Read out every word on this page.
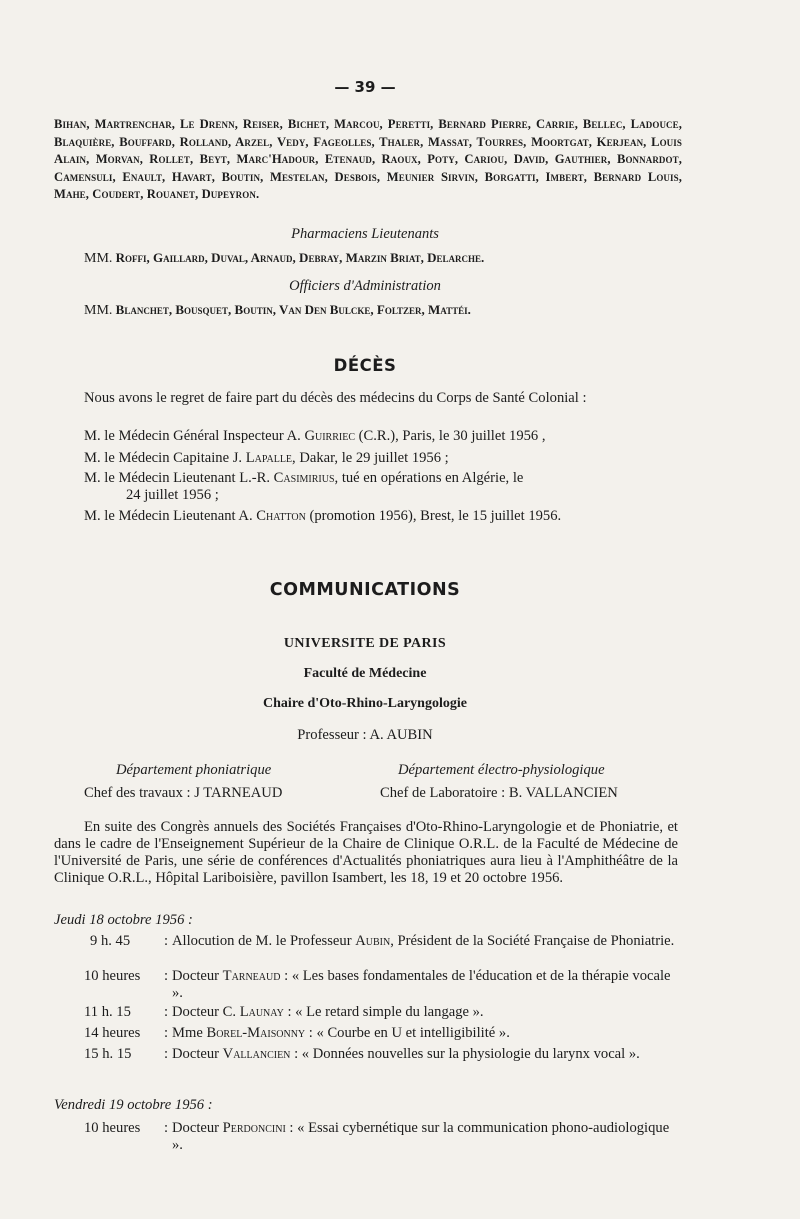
— 39 —
Bihan, Martrenchar, Le Drenn, Reiser, Bichet, Marcou, Peretti, Bernard Pierre, Carrie, Bellec, Ladouce, Blaquière, Bouffard, Rolland, Arzel, Vedy, Fageolles, Thaler, Massat, Tourres, Moortgat, Kerjean, Louis Alain, Morvan, Rollet, Beyt, Marc'Hadour, Etenaud, Raoux, Poty, Cariou, David, Gauthier, Bonnardot, Camensuli, Enault, Havart, Boutin, Mestelan, Desbois, Meunier Sirvin, Borgatti, Imbert, Bernard Louis, Mahe, Coudert, Rouanet, Dupeyron.
Pharmaciens Lieutenants
MM. Roffi, Gaillard, Duval, Arnaud, Debray, Marzin Briat, Delarche.
Officiers d'Administration
MM. Blanchet, Bousquet, Boutin, Van Den Bulcke, Foltzer, Mattéi.
DÉCÈS
Nous avons le regret de faire part du décès des médecins du Corps de Santé Colonial :
M. le Médecin Général Inspecteur A. Guirriec (C.R.), Paris, le 30 juillet 1956 ,
M. le Médecin Capitaine J. Lapalle, Dakar, le 29 juillet 1956 ;
M. le Médecin Lieutenant L.-R. Casimirius, tué en opérations en Algérie, le
24 juillet 1956 ;
M. le Médecin Lieutenant A. Chatton (promotion 1956), Brest, le 15 juillet 1956.
COMMUNICATIONS
UNIVERSITE DE PARIS
Faculté de Médecine
Chaire d'Oto-Rhino-Laryngologie
Professeur : A. AUBIN
Département phoniatrique	Département électro-physiologique
Chef des travaux : J TARNEAUD	Chef de Laboratoire : B. VALLANCIEN
En suite des Congrès annuels des Sociétés Françaises d'Oto-Rhino-Laryngologie et de Phoniatrie, et dans le cadre de l'Enseignement Supérieur de la Chaire de Clinique O.R.L. de la Faculté de Médecine de l'Université de Paris, une série de conférences d'Actualités phoniatriques aura lieu à l'Amphithéâtre de la Clinique O.R.L., Hôpital Lariboisière, pavillon Isambert, les 18, 19 et 20 octobre 1956.
Jeudi 18 octobre 1956 :
9 h. 45	: Allocution de M. le Professeur Aubin, Président de la Société Française de Phoniatrie.
10 heures	: Docteur Tarneaud : « Les bases fondamentales de l'éducation et de la thérapie vocale ».
11 h. 15	: Docteur C. Launay : « Le retard simple du langage ».
14 heures	: Mme Borel-Maisonny : « Courbe en U et intelligibilité ».
15 h. 15	: Docteur Vallancien : « Données nouvelles sur la physiologie du larynx vocal ».
Vendredi 19 octobre 1956 :
10 heures	: Docteur Perdoncini : « Essai cybernétique sur la communication phono-audiologique ».
